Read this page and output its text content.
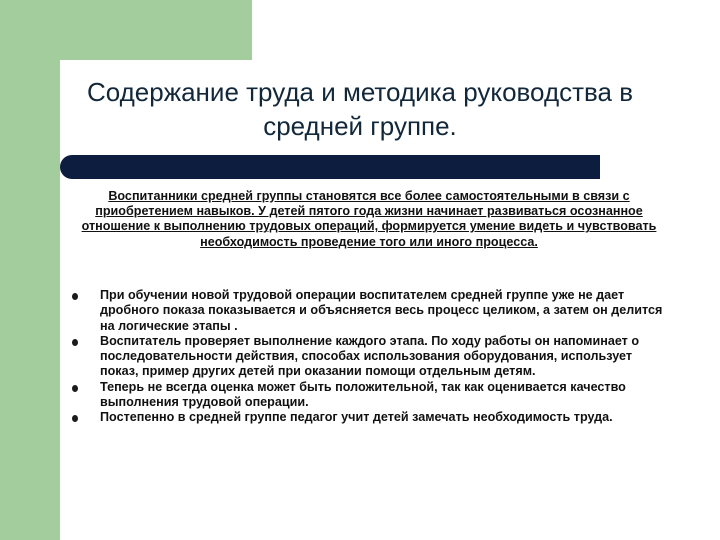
Содержание труда и методика руководства в средней группе.

Воспитанники средней группы становятся все более самостоятельными в связи с приобретением навыков. У детей пятого года жизни начинает развиваться осознанное отношение к выполнению трудовых операций, формируется умение видеть и чувствовать необходимость проведение того или иного процесса.

При обучении новой трудовой операции воспитателем средней группе уже не дает дробного показа показывается и объясняется весь процесс целиком, а затем он делится на логические этапы .
Воспитатель проверяет выполнение каждого этапа. По ходу работы он напоминает о последовательности действия, способах использования оборудования, использует показ, пример других детей при оказании помощи отдельным детям.
Теперь не всегда оценка может быть положительной, так как оценивается качество выполнения трудовой операции.
Постепенно в средней группе педагог учит детей замечать необходимость труда.
